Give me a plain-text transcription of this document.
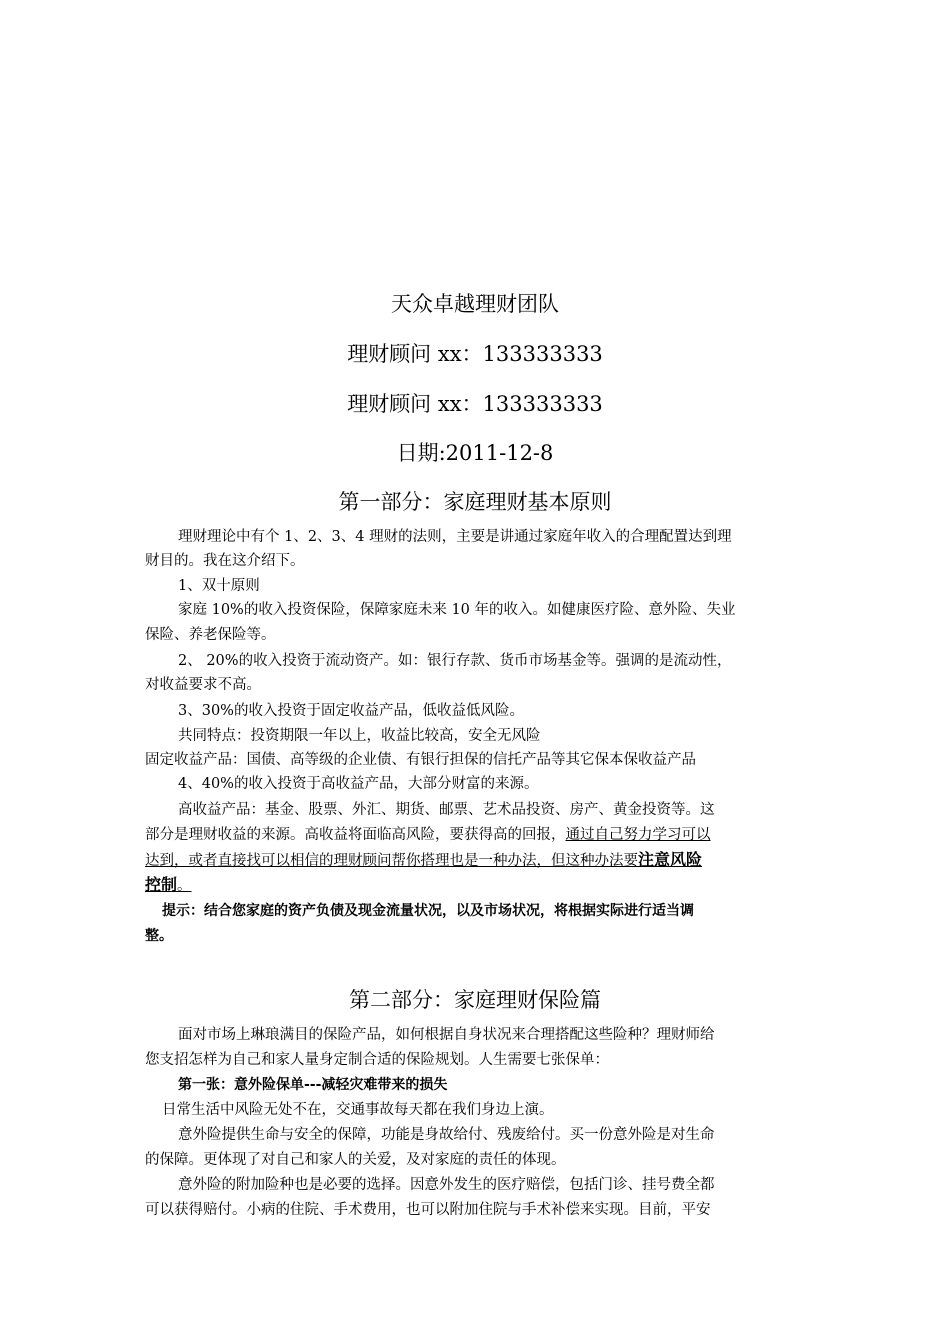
天众卓越理财团队
理财顾问 xx：133333333
理财顾问 xx：133333333
日期:2011-12-8
第一部分：家庭理财基本原则
理财理论中有个 1、2、3、4 理财的法则，主要是讲通过家庭年收入的合理配置达到理
财目的。我在这介绍下。
1、双十原则
家庭 10%的收入投资保险，保障家庭未来 10 年的收入。如健康医疗险、意外险、失业
保险、养老保险等。
2、 20%的收入投资于流动资产。如：银行存款、货币市场基金等。强调的是流动性，
对收益要求不高。
3、30%的收入投资于固定收益产品，低收益低风险。
共同特点：投资期限一年以上，收益比较高，安全无风险
固定收益产品：国债、高等级的企业债、有银行担保的信托产品等其它保本保收益产品
4、40%的收入投资于高收益产品，大部分财富的来源。
高收益产品：基金、股票、外汇、期货、邮票、艺术品投资、房产、黄金投资等。这
部分是理财收益的来源。高收益将面临高风险，要获得高的回报，通过自己努力学习可以
达到，或者直接找可以相信的理财顾问帮你搭理也是一种办法，但这种办法要注意风险
控制。
提示：结合您家庭的资产负债及现金流量状况，以及市场状况，将根据实际进行适当调
整。
第二部分：家庭理财保险篇
面对市场上琳琅满目的保险产品，如何根据自身状况来合理搭配这些险种？理财师给
您支招怎样为自己和家人量身定制合适的保险规划。人生需要七张保单：
第一张：意外险保单---减轻灾难带来的损失
日常生活中风险无处不在，交通事故每天都在我们身边上演。
意外险提供生命与安全的保障，功能是身故给付、残废给付。买一份意外险是对生命
的保障。更体现了对自己和家人的关爱，及对家庭的责任的体现。
意外险的附加险种也是必要的选择。因意外发生的医疗赔偿，包括门诊、挂号费全都
可以获得赔付。小病的住院、手术费用，也可以附加住院与手术补偿来实现。目前，平安
